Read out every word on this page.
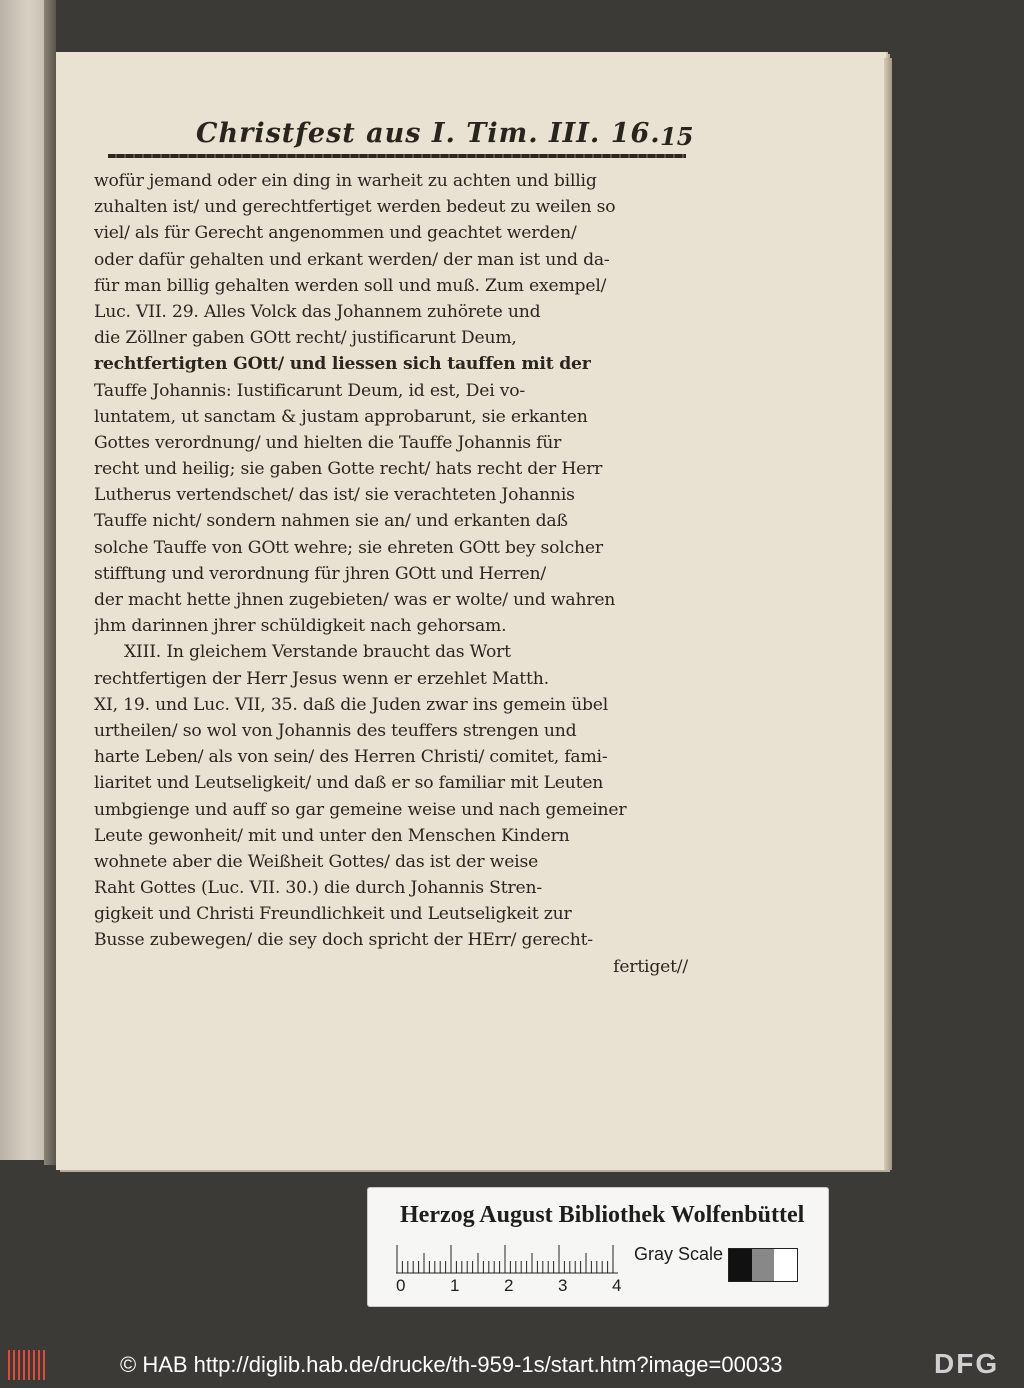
Christfest aus I. Tim. III. 16. 15
wofür jemand oder ein ding in warheit zu achten und billig
zuhalten ist/ und gerechtfertiget werden bedeut zu weilen so
viel/ als für Gerecht angenommen und geachtet werden/
oder dafür gehalten und erkant werden/ der man ist und da-
für man billig gehalten werden soll und muß. Zum exempel/
Luc. VII. 29. Alles Volck das Johannem zuhörete und
die Zöllner gaben GOtt recht/ justificarunt Deum,
rechtfertigten GOtt/ und liessen sich tauffen mit der
Tauffe Johannis: Iustificarunt Deum, id est, Dei vo-
luntatem, ut sanctam & justam approbarunt, sie erkanten
Gottes verordnung/ und hielten die Tauffe Johannis für
recht und heilig; sie gaben Gotte recht/ hats recht der Herr
Lutherus vertendschet/ das ist/ sie verachteten Johannis
Tauffe nicht/ sondern nahmen sie an/ und erkanten daß
solche Tauffe von GOtt wehre; sie ehreten GOtt bey solcher
stifftung und verordnung für jhren GOtt und Herren/
der macht hette jhnen zugebieten/ was er wolte/ und wahren
jhm darinnen jhrer schüldigkeit nach gehorsam.
XIII. In gleichem Verstande braucht das Wort
rechtfertigen der Herr Jesus wenn er erzehlet Matth.
XI, 19. und Luc. VII, 35. daß die Juden zwar ins gemein übel
urtheilen/ so wol von Johannis des teuffers strengen und
harte Leben/ als von sein/ des Herren Christi/ comitet, fami-
liaritet und Leutseligkeit/ und daß er so familiar mit Leuten
umbgienge und auff so gar gemeine weise und nach gemeiner
Leute gewonheit/ mit und unter den Menschen Kindern
wohnete aber die Weißheit Gottes/ das ist der weise
Raht Gottes (Luc. VII. 30.) die durch Johannis Stren-
gigkeit und Christi Freundlichkeit und Leutseligkeit zur
Busse zubewegen/ die sey doch spricht der HErr/ gerecht-
fertiget//
Herzog August Bibliothek Wolfenbüttel
0	1	2	3	4
Gray Scale
© HAB http://diglib.hab.de/drucke/th-959-1s/start.htm?image=00033	DFG
